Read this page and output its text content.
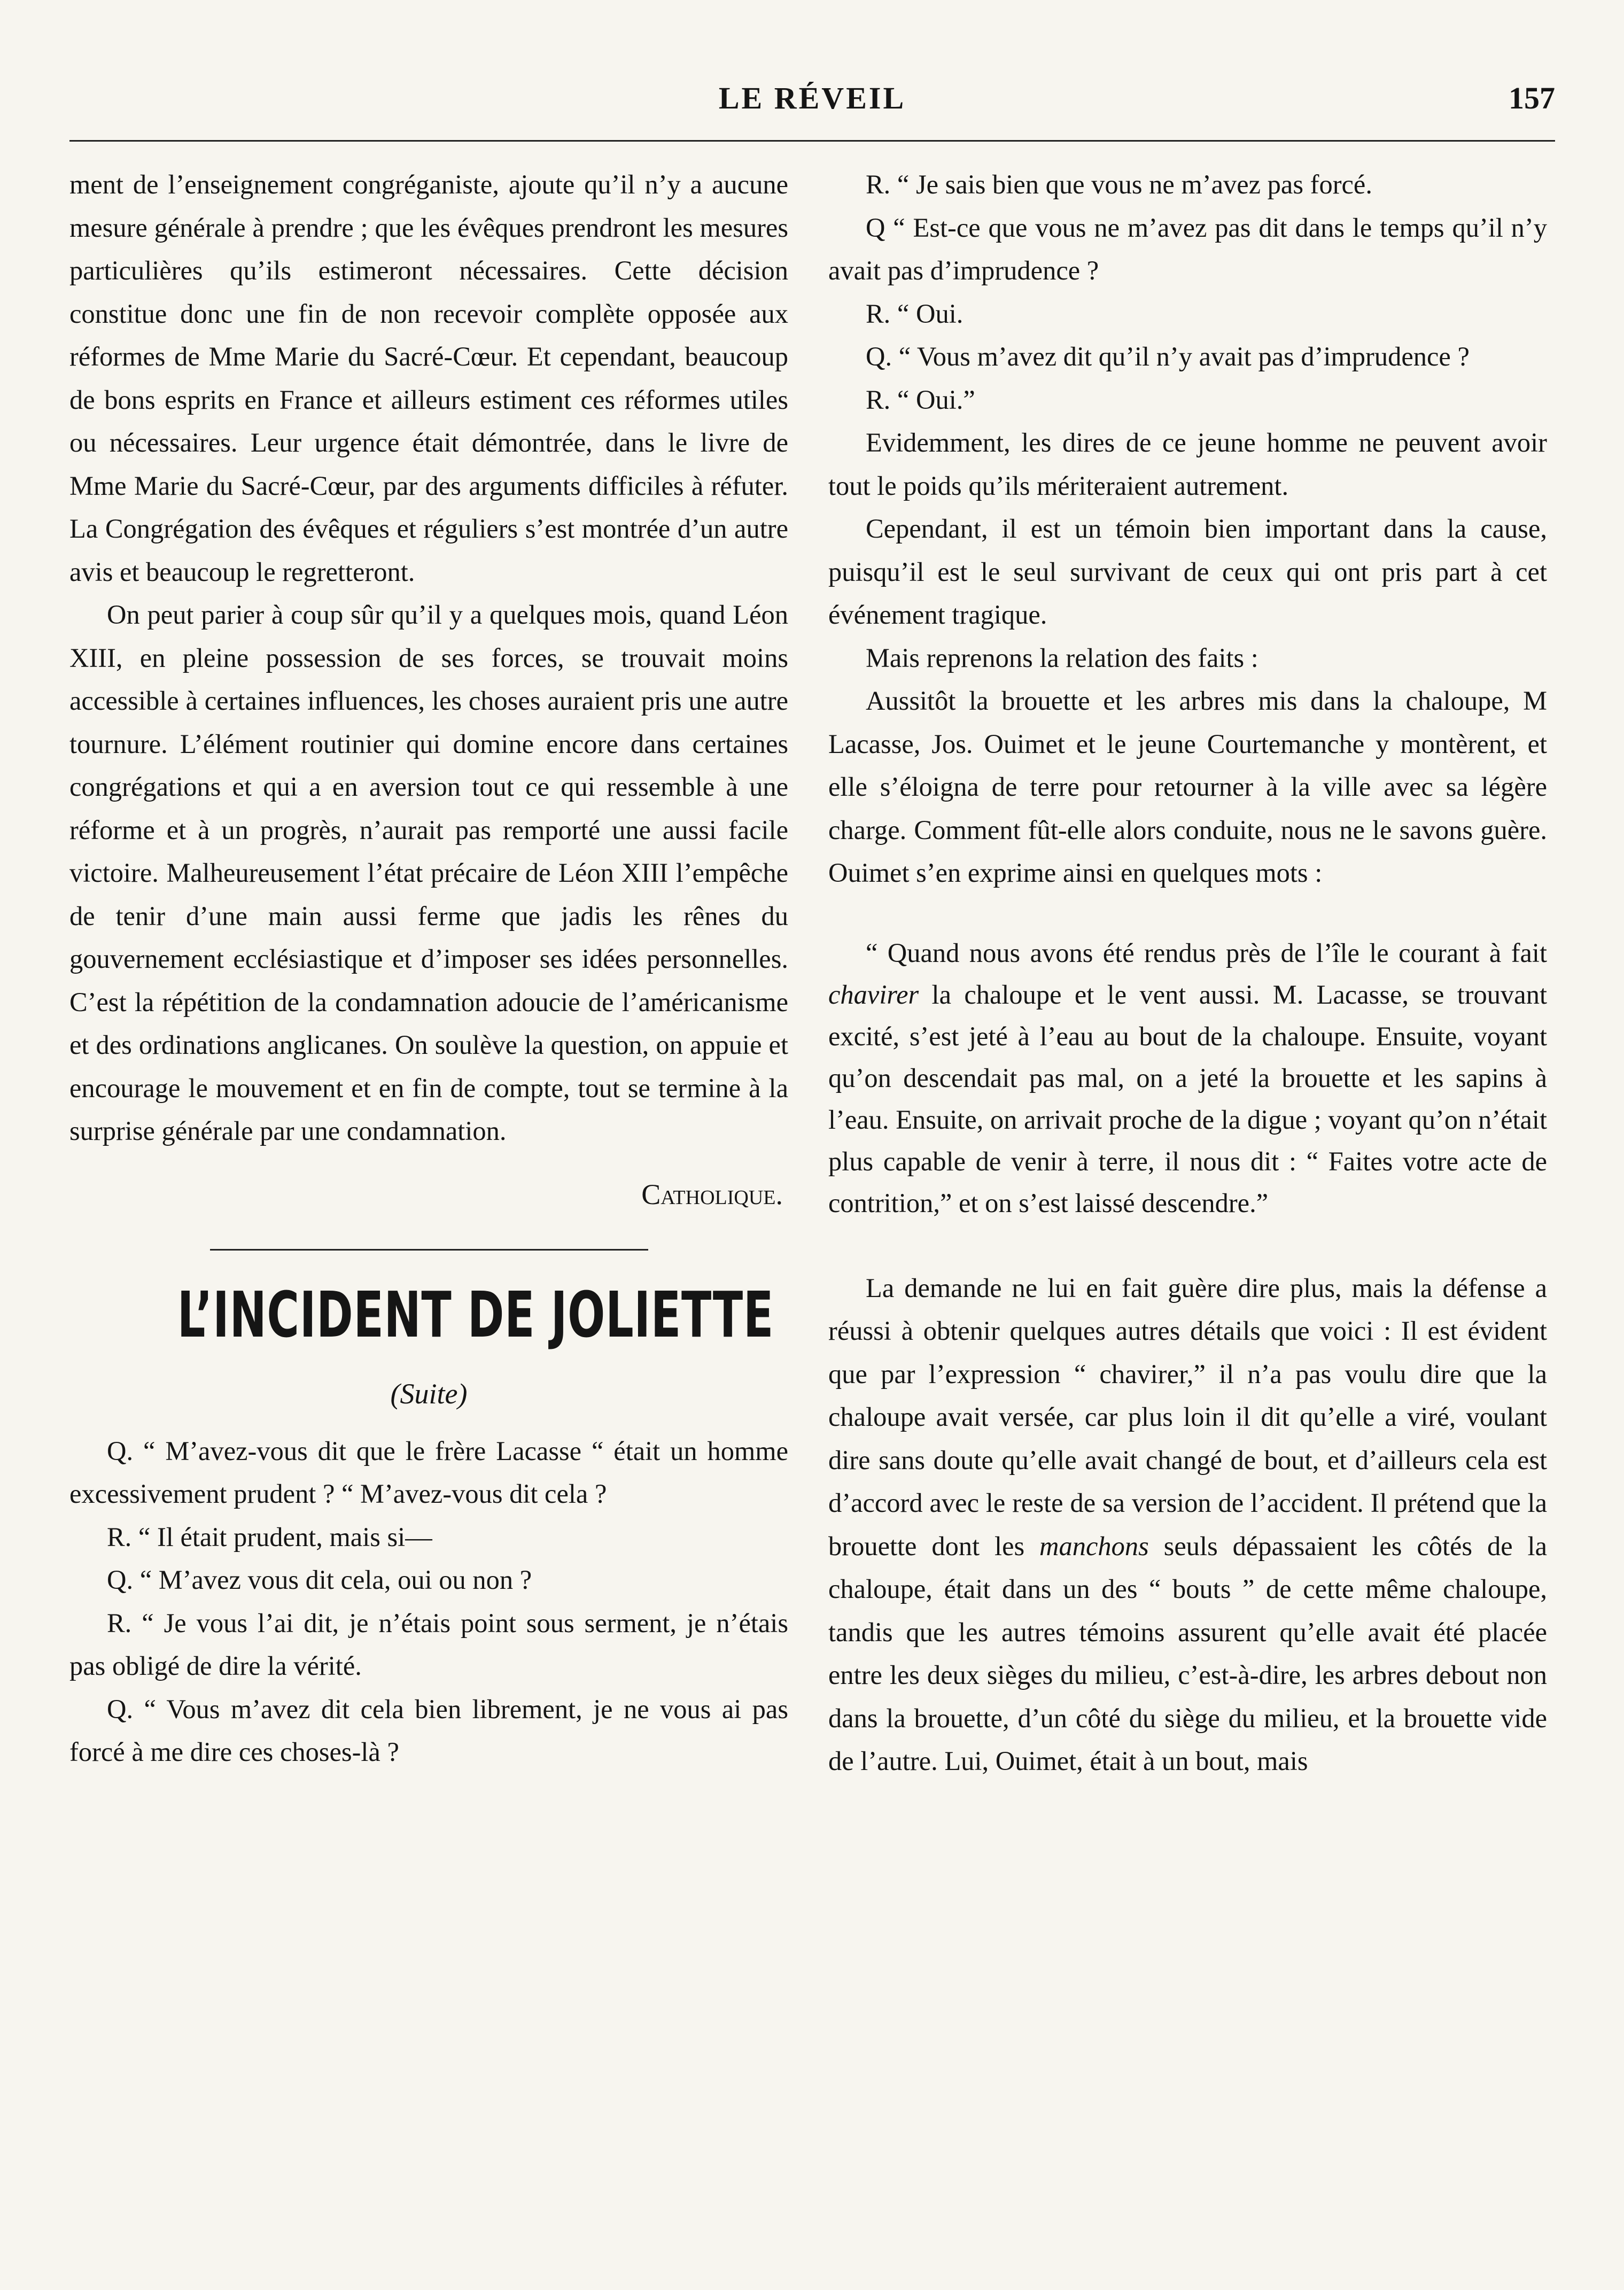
LE RÉVEIL	157

ment de l’enseignement congréganiste, ajoute qu’il n’y a aucune mesure générale à prendre ; que les évêques prendront les mesures particulières qu’ils estimeront nécessaires. Cette décision constitue donc une fin de non recevoir complète opposée aux réformes de Mme Marie du Sacré-Cœur. Et cependant, beaucoup de bons esprits en France et ailleurs estiment ces réformes utiles ou nécessaires. Leur urgence était démontrée, dans le livre de Mme Marie du Sacré-Cœur, par des arguments difficiles à réfuter. La Congrégation des évêques et réguliers s’est montrée d’un autre avis et beaucoup le regretteront.

On peut parier à coup sûr qu’il y a quelques mois, quand Léon XIII, en pleine possession de ses forces, se trouvait moins accessible à certaines influences, les choses auraient pris une autre tournure. L’élément routinier qui domine encore dans certaines congrégations et qui a en aversion tout ce qui ressemble à une réforme et à un progrès, n’aurait pas remporté une aussi facile victoire. Malheureusement l’état précaire de Léon XIII l’empêche de tenir d’une main aussi ferme que jadis les rênes du gouvernement ecclésiastique et d’imposer ses idées personnelles. C’est la répétition de la condamnation adoucie de l’américanisme et des ordinations anglicanes. On soulève la question, on appuie et encourage le mouvement et en fin de compte, tout se termine à la surprise générale par une condamnation.

Catholique.

L’INCIDENT DE JOLIETTE

(Suite)

Q. “ M’avez-vous dit que le frère Lacasse “ était un homme excessivement prudent ? “ M’avez-vous dit cela ?

R. “ Il était prudent, mais si—

Q. “ M’avez vous dit cela, oui ou non ?

R. “ Je vous l’ai dit, je n’étais point sous serment, je n’étais pas obligé de dire la vérité.

Q. “ Vous m’avez dit cela bien librement, je ne vous ai pas forcé à me dire ces choses-là ?

R. “ Je sais bien que vous ne m’avez pas forcé.

Q “ Est-ce que vous ne m’avez pas dit dans le temps qu’il n’y avait pas d’imprudence ?

R. “ Oui.

Q. “ Vous m’avez dit qu’il n’y avait pas d’imprudence ?

R. “ Oui.”

Evidemment, les dires de ce jeune homme ne peuvent avoir tout le poids qu’ils mériteraient autrement.

Cependant, il est un témoin bien important dans la cause, puisqu’il est le seul survivant de ceux qui ont pris part à cet événement tragique.

Mais reprenons la relation des faits :

Aussitôt la brouette et les arbres mis dans la chaloupe, M Lacasse, Jos. Ouimet et le jeune Courtemanche y montèrent, et elle s’éloigna de terre pour retourner à la ville avec sa légère charge. Comment fût-elle alors conduite, nous ne le savons guère. Ouimet s’en exprime ainsi en quelques mots :

“ Quand nous avons été rendus près de l’île le courant à fait chavirer la chaloupe et le vent aussi. M. Lacasse, se trouvant excité, s’est jeté à l’eau au bout de la chaloupe. Ensuite, voyant qu’on descendait pas mal, on a jeté la brouette et les sapins à l’eau. Ensuite, on arrivait proche de la digue ; voyant qu’on n’était plus capable de venir à terre, il nous dit : “ Faites votre acte de contrition,” et on s’est laissé descendre.”

La demande ne lui en fait guère dire plus, mais la défense a réussi à obtenir quelques autres détails que voici : Il est évident que par l’expression “ chavirer,” il n’a pas voulu dire que la chaloupe avait versée, car plus loin il dit qu’elle a viré, voulant dire sans doute qu’elle avait changé de bout, et d’ailleurs cela est d’accord avec le reste de sa version de l’accident. Il prétend que la brouette dont les manchons seuls dépassaient les côtés de la chaloupe, était dans un des “ bouts ” de cette même chaloupe, tandis que les autres témoins assurent qu’elle avait été placée entre les deux sièges du milieu, c’est-à-dire, les arbres debout non dans la brouette, d’un côté du siège du milieu, et la brouette vide de l’autre. Lui, Ouimet, était à un bout, mais
